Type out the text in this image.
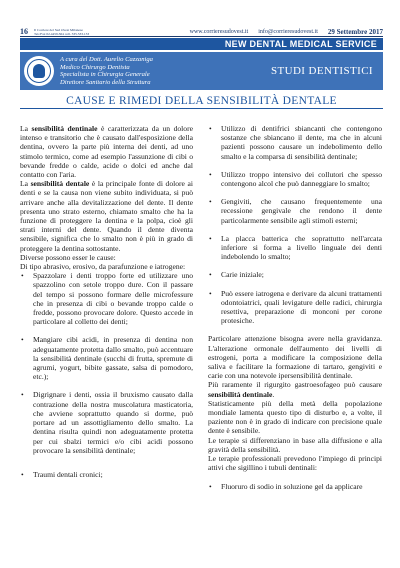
16 Il Corriere del Sud Ovest Milanese Tel./Fax 02.4459.364 cell. 335.533.133	www.corrieresudovest.it info@corrieresudovest.it 29 Settembre 2017
NEW DENTAL MEDICAL SERVICE
A cura del Dott. Aurelio Cazzaniga
Medico Chirurgo Dentista
Specialista in Chirurgia Generale
Direttore Sanitario della Struttura
STUDI DENTISTICI
CAUSE E RIMEDI DELLA SENSIBILITÀ DENTALE

La sensibilità dentinale è caratterizzata da un dolore intenso e transitorio che è causato dall'esposizione della dentina, ovvero la parte più interna dei denti, ad uno stimolo termico, come ad esempio l'assunzione di cibi o bevande fredde o calde, acide o dolci ed anche dal contatto con l'aria.

La sensibilità dentale è la principale fonte di dolore ai denti e se la causa non viene subito individuata, si può arrivare anche alla devitalizzazione del dente. Il dente presenta uno strato esterno, chiamato smalto che ha la funzione di proteggere la dentina e la polpa, cioè gli strati interni del dente. Quando il dente diventa sensibile, significa che lo smalto non è più in grado di proteggere la dentina sottostante.

Diverse possono esser le cause:

Di tipo abrasivo, erosivo, da parafunzione e iatrogene:

• Spazzolare i denti troppo forte ed utilizzare uno spazzolino con setole troppo dure. Con il passare del tempo si possono formare delle microfessure che in presenza di cibi o bevande troppo calde o fredde, possono provocare dolore. Questo accede in particolare al colletto dei denti;
• Mangiare cibi acidi, in presenza di dentina non adeguatamente protetta dallo smalto, può accentuare la sensibilità dentinale (succhi di frutta, spremute di agrumi, yogurt, bibite gassate, salsa di pomodoro, etc.);
• Digrignare i denti, ossia il bruxismo causato dalla contrazione della nostra muscolatura masticatoria, che avviene soprattutto quando si dorme, può portare ad un assottigliamento dello smalto. La dentina risulta quindi non adeguatamente protetta per cui sbalzi termici e/o cibi acidi possono provocare la sensibilità dentinale;
• Traumi dentali cronici;
• Utilizzo di dentifrici sbiancanti che contengono sostanze che sbiancano il dente, ma che in alcuni pazienti possono causare un indebolimento dello smalto e la comparsa di sensibilità dentinale;
• Utilizzo troppo intensivo dei collutori che spesso contengono alcol che può danneggiare lo smalto;
• Gengiviti, che causano frequentemente una recessione gengivale che rendono il dente particolarmente sensibile agli stimoli esterni;
• La placca batterica che soprattutto nell'arcata inferiore si forma a livello linguale dei denti indebolendo lo smalto;
• Carie iniziale;
• Può essere iatrogena e derivare da alcuni trattamenti odontoiatrici, quali levigature delle radici, chirurgia resettiva, preparazione di monconi per corone protesiche.

Particolare attenzione bisogna avere nella gravidanza. L'alterazione ormonale dell'aumento dei livelli di estrogeni, porta a modificare la composizione della saliva e facilitare la formazione di tartaro, gengiviti e carie con una notevole ipersensibilità dentinale.

Più raramente il rigurgito gastroesofageo può causare sensibilità dentinale.

Statisticamente più della metà della popolazione mondiale lamenta questo tipo di disturbo e, a volte, il paziente non è in grado di indicare con precisione quale dente è sensibile.

Le terapie si differenziano in base alla diffusione e alla gravità della sensibilità.

Le terapie professionali prevedono l'impiego di principi attivi che sigillino i tubuli dentinali:

• Fluoruro di sodio in soluzione gel da applicare
